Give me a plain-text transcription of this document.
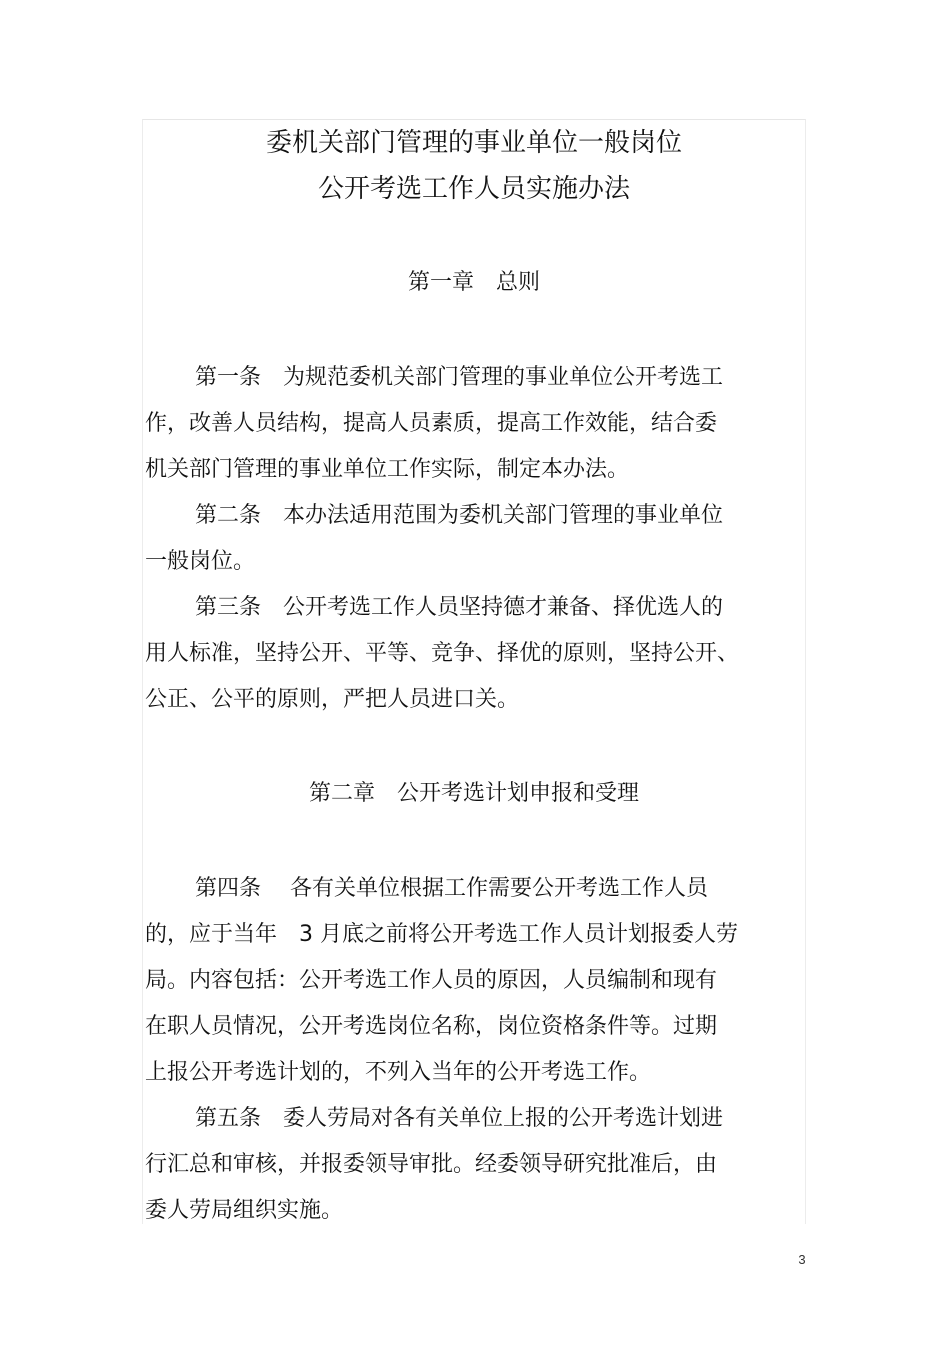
委机关部门管理的事业单位一般岗位
公开考选工作人员实施办法
第一章　总则
第一条　为规范委机关部门管理的事业单位公开考选工
作，改善人员结构，提高人员素质，提高工作效能，结合委
机关部门管理的事业单位工作实际，制定本办法。
第二条　本办法适用范围为委机关部门管理的事业单位
一般岗位。
第三条　公开考选工作人员坚持德才兼备、择优选人的
用人标准，坚持公开、平等、竞争、择优的原则，坚持公开、
公正、公平的原则，严把人员进口关。
第二章　公开考选计划申报和受理
第四条　 各有关单位根据工作需要公开考选工作人员
的，应于当年　3 月底之前将公开考选工作人员计划报委人劳
局。内容包括：公开考选工作人员的原因，人员编制和现有
在职人员情况，公开考选岗位名称，岗位资格条件等。过期
上报公开考选计划的，不列入当年的公开考选工作。
第五条　委人劳局对各有关单位上报的公开考选计划进
行汇总和审核，并报委领导审批。经委领导研究批准后，由
委人劳局组织实施。
3
